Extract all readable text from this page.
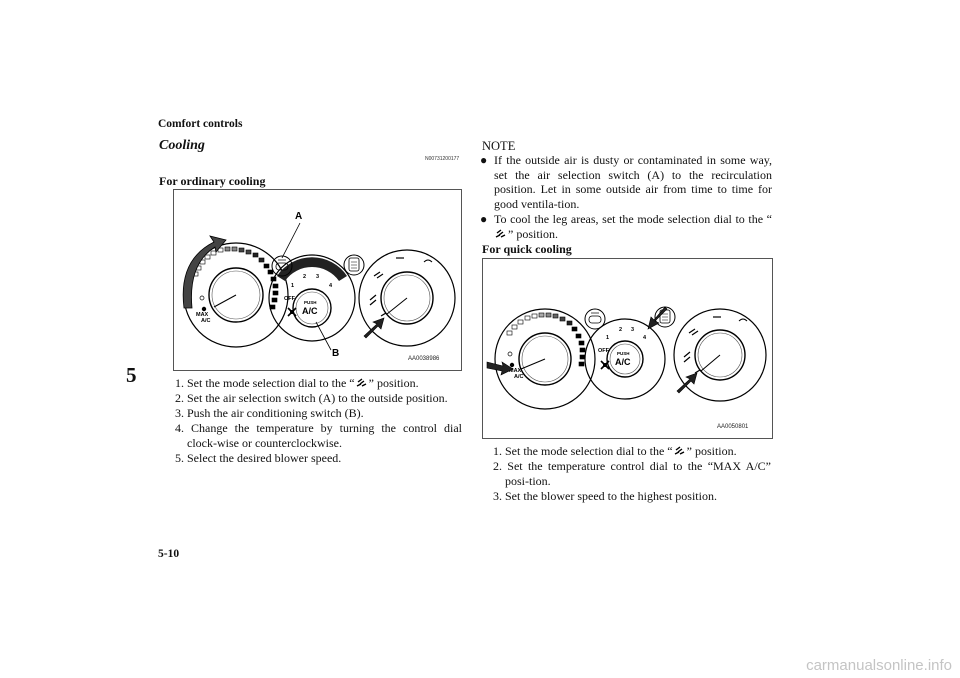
Comfort controls
5
Cooling
N00731200177
For ordinary cooling
MAX
A/C
PUSH
A/C
OFF
1
2 3
4
A
B	AA0038986
1. Set the mode selection dial to the “ ” position.
2. Set the air selection switch (A) to the outside position.
3. Push the air conditioning switch (B).
4. Change the temperature by turning the control dial clock-wise or counterclockwise.
5. Select the desired blower speed.
NOTE
● If the outside air is dusty or contaminated in some way, set the air selection switch (A) to the recirculation position. Let in some outside air from time to time for good ventila-tion.
● To cool the leg areas, set the mode selection dial to the “” position.
For quick cooling
MAX
A/C
PUSH
A/C
OFF
1
2 3
4
AA0050801
1. Set the mode selection dial to the “ ” position.
2. Set the temperature control dial to the “MAX A/C” posi-tion.
3. Set the blower speed to the highest position.
5-10
carmanualsonline.info
